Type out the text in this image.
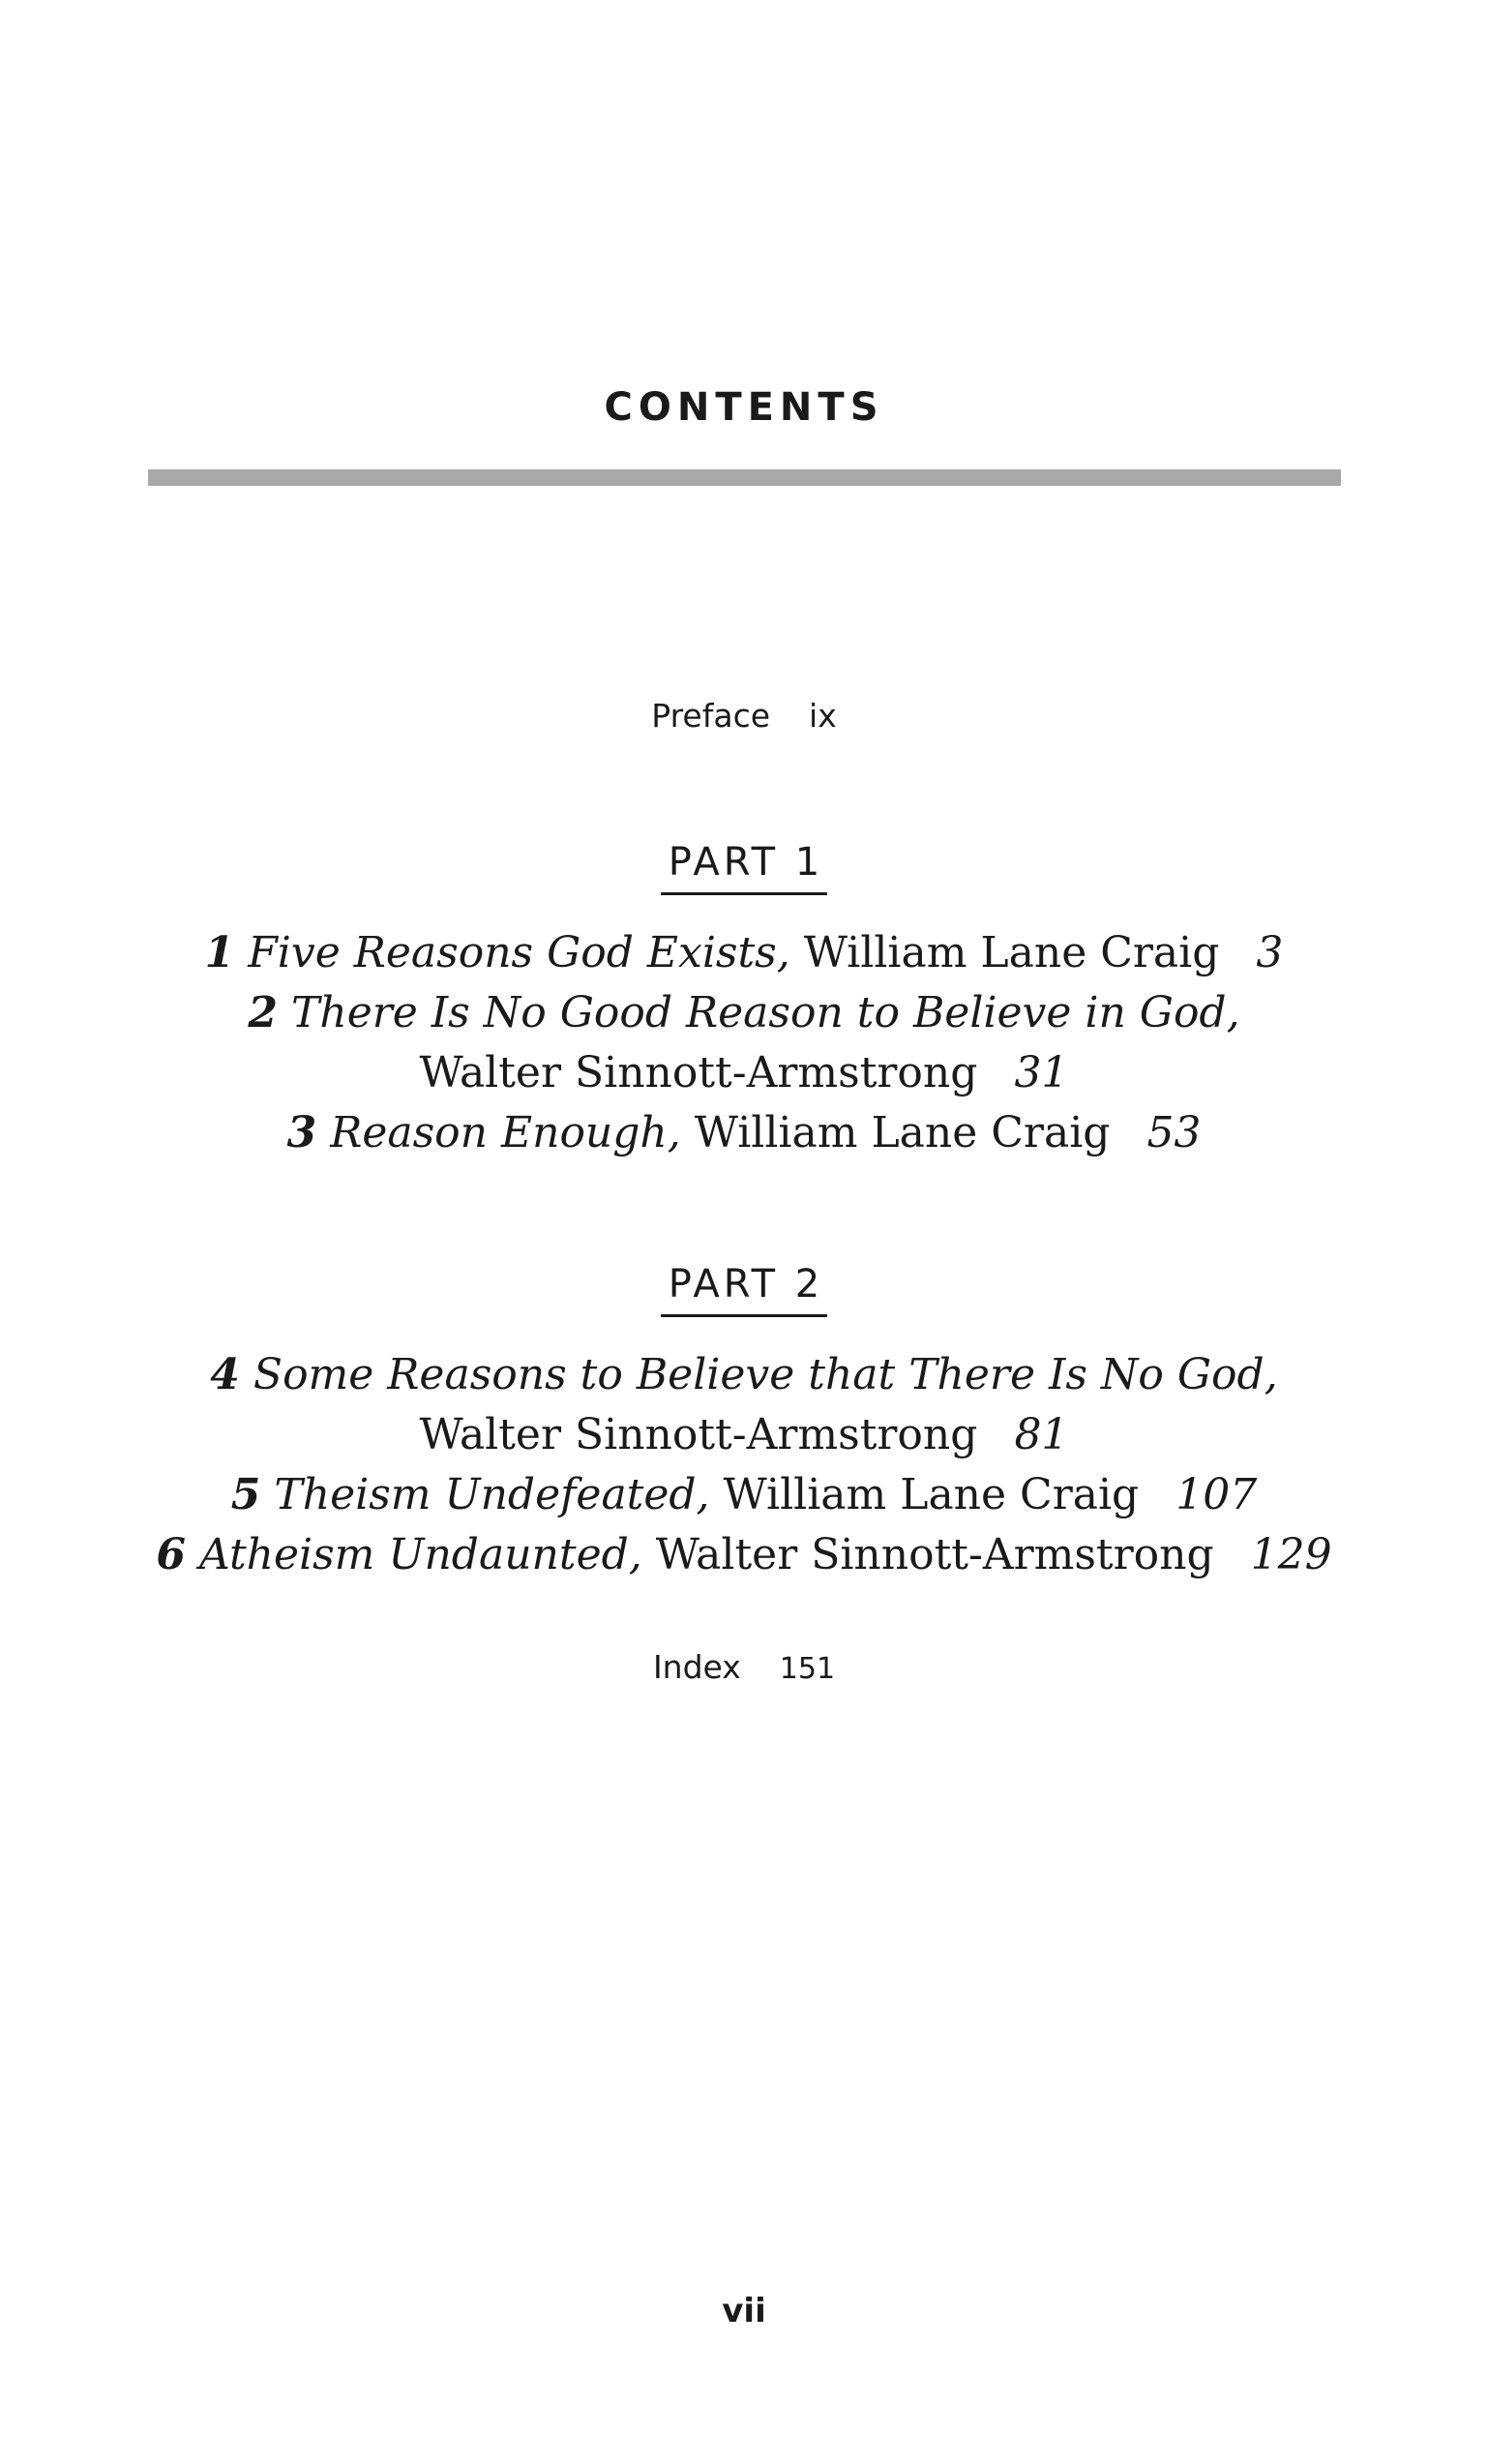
CONTENTS
Preface ix
PART 1
1 Five Reasons God Exists, William Lane Craig 3
2 There Is No Good Reason to Believe in God,
Walter Sinnott-Armstrong 31
3 Reason Enough, William Lane Craig 53
PART 2
4 Some Reasons to Believe that There Is No God,
Walter Sinnott-Armstrong 81
5 Theism Undefeated, William Lane Craig 107
6 Atheism Undaunted, Walter Sinnott-Armstrong 129
Index 151
vii
